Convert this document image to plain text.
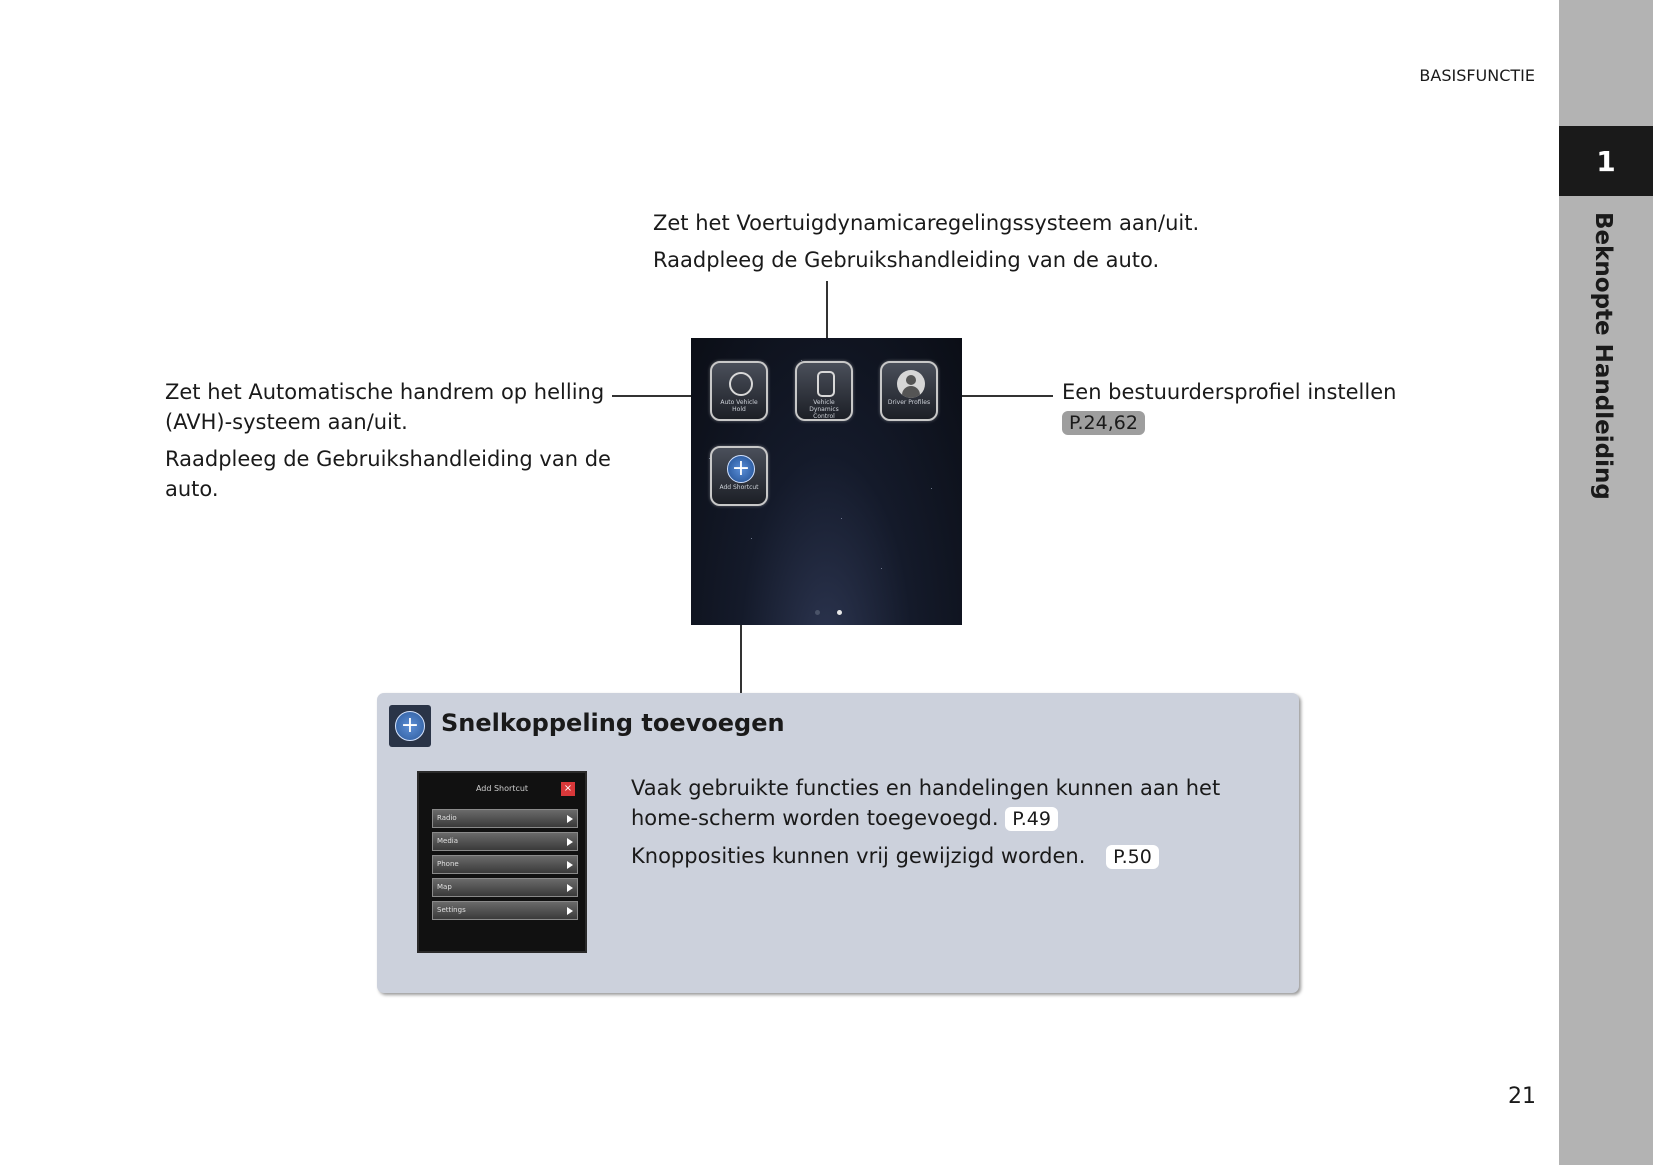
1
Beknopte Handleiding
BASISFUNCTIE
21

Zet het Voertuigdynamicaregelingssysteem aan/uit.

Raadpleeg de Gebruikshandleiding van de auto.

Zet het Automatische handrem op helling (AVH)-systeem aan/uit.

Raadpleeg de Gebruikshandleiding van de auto.

Een bestuurdersprofiel instellen
P.24,62
Auto Vehicle Hold
Vehicle Dynamics Control
Driver Profiles
+
Add Shortcut
+ Snelkoppeling toevoegen
Add Shortcut	×
Radio
Media
Phone
Map
Settings

Vaak gebruikte functies en handelingen kunnen aan het home-scherm worden toegevoegd. P.49

Knopposities kunnen vrij gewijzigd worden. P.50
